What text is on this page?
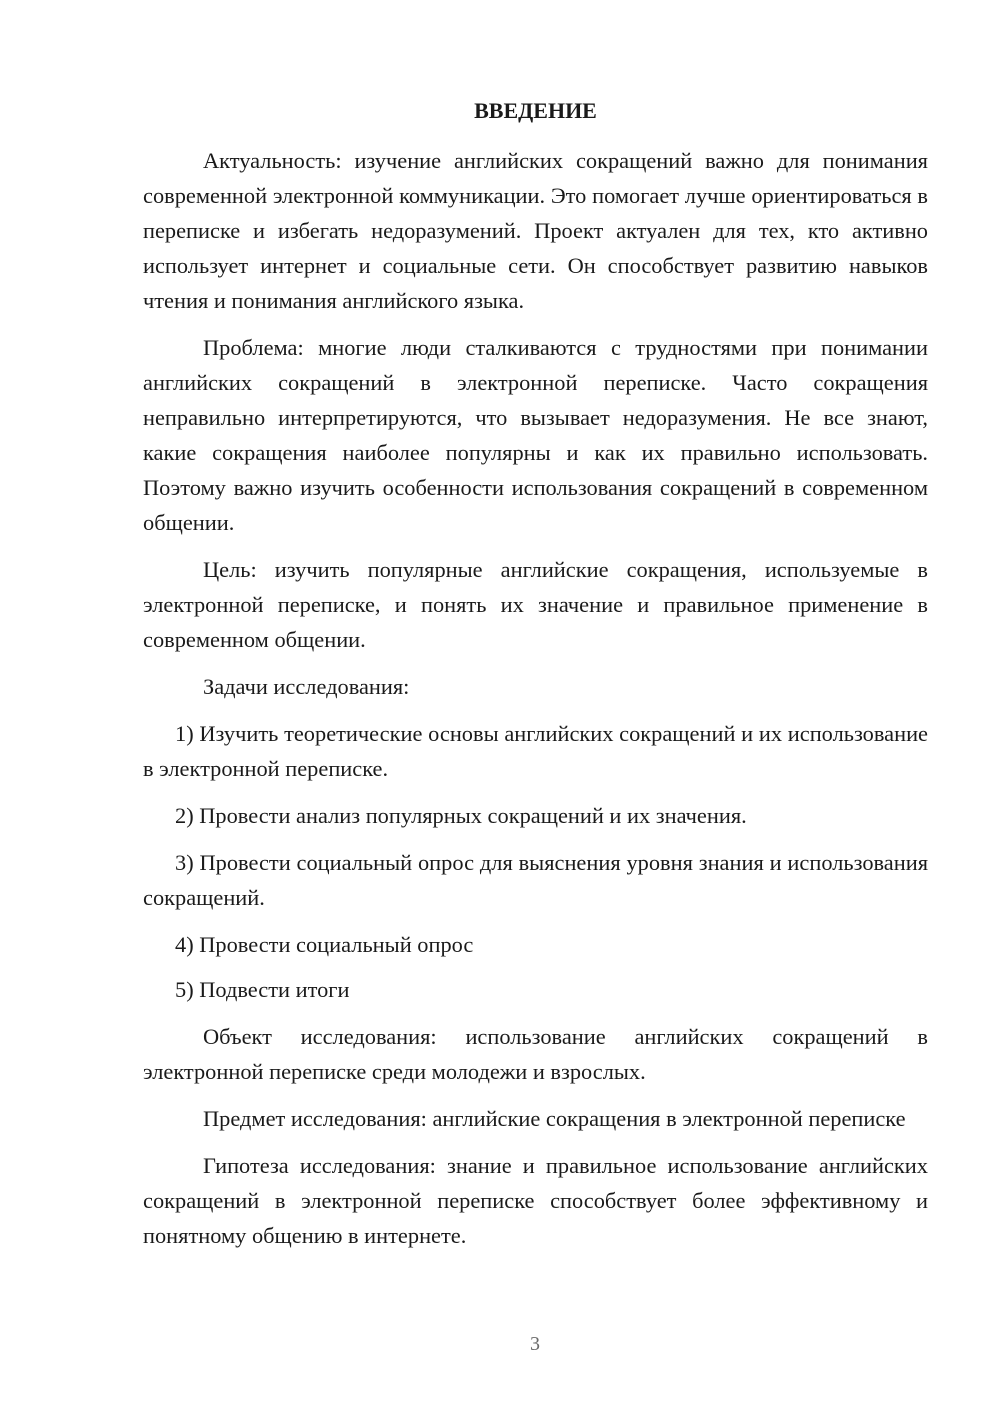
ВВЕДЕНИЕ

Актуальность: изучение английских сокращений важно для понимания современной электронной коммуникации. Это помогает лучше ориентироваться в переписке и избегать недоразумений. Проект актуален для тех, кто активно использует интернет и социальные сети. Он способствует развитию навыков чтения и понимания английского языка.

Проблема: многие люди сталкиваются с трудностями при понимании английских сокращений в электронной переписке. Часто сокращения неправильно интерпретируются, что вызывает недоразумения. Не все знают, какие сокращения наиболее популярны и как их правильно использовать. Поэтому важно изучить особенности использования сокращений в современном общении.

Цель: изучить популярные английские сокращения, используемые в электронной переписке, и понять их значение и правильное применение в современном общении.

Задачи исследования:

1) Изучить теоретические основы английских сокращений и их использование в электронной переписке.

2) Провести анализ популярных сокращений и их значения.

3) Провести социальный опрос для выяснения уровня знания и использования сокращений.

4) Провести социальный опрос

5) Подвести итоги

Объект исследования: использование английских сокращений в электронной переписке среди молодежи и взрослых.

Предмет исследования: английские сокращения в электронной переписке

Гипотеза исследования: знание и правильное использование английских сокращений в электронной переписке способствует более эффективному и понятному общению в интернете.

3
